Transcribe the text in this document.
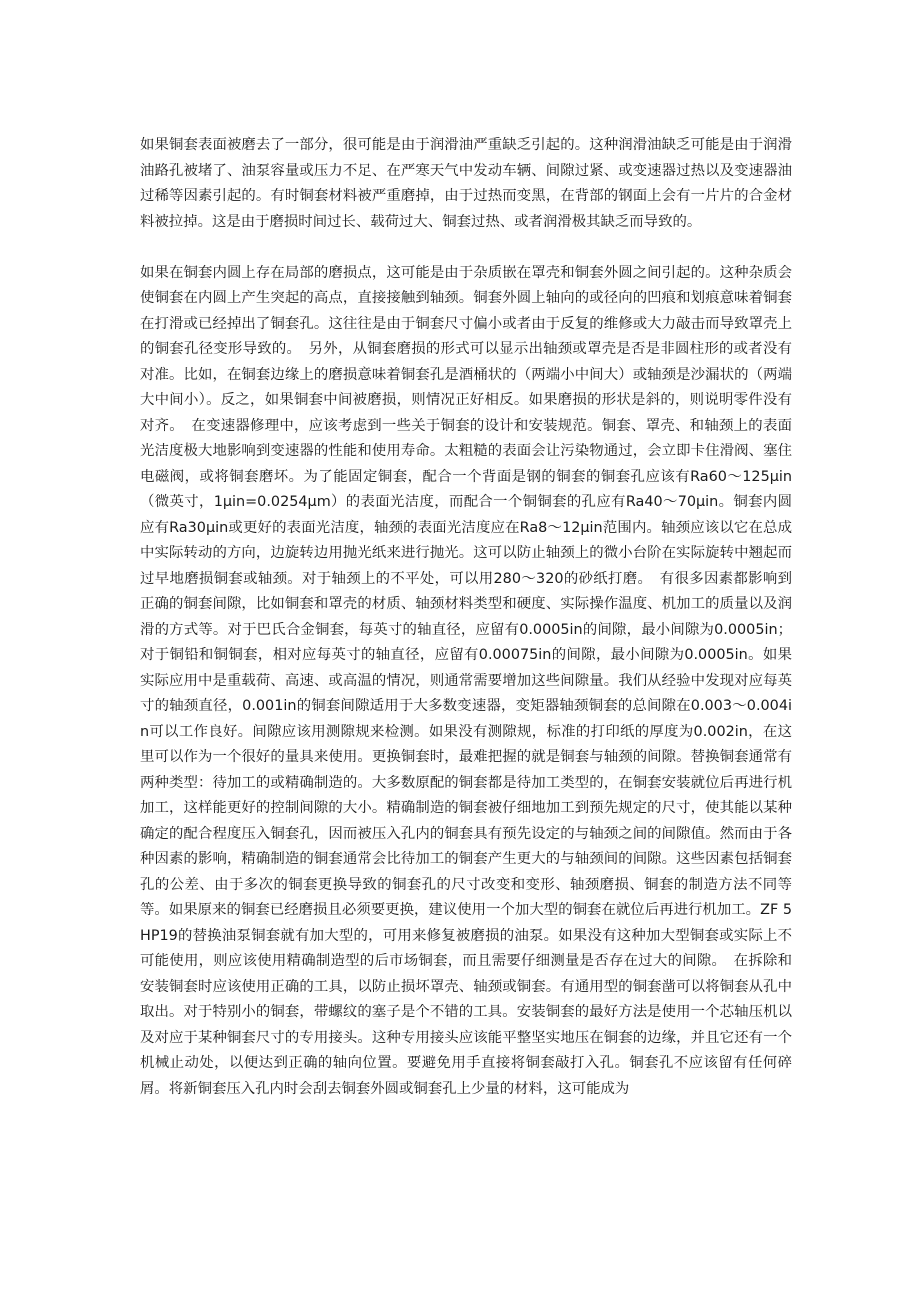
如果铜套表面被磨去了一部分，很可能是由于润滑油严重缺乏引起的。这种润滑油缺乏可能是由于润滑油路孔被堵了、油泵容量或压力不足、在严寒天气中发动车辆、间隙过紧、或变速器过热以及变速器油过稀等因素引起的。有时铜套材料被严重磨掉，由于过热而变黑，在背部的钢面上会有一片片的合金材料被拉掉。这是由于磨损时间过长、载荷过大、铜套过热、或者润滑极其缺乏而导致的。

如果在铜套内圆上存在局部的磨损点，这可能是由于杂质嵌在罩壳和铜套外圆之间引起的。这种杂质会使铜套在内圆上产生突起的高点，直接接触到轴颈。铜套外圆上轴向的或径向的凹痕和划痕意味着铜套在打滑或已经掉出了铜套孔。这往往是由于铜套尺寸偏小或者由于反复的维修或大力敲击而导致罩壳上的铜套孔径变形导致的。　另外，从铜套磨损的形式可以显示出轴颈或罩壳是否是非圆柱形的或者没有对准。比如，在铜套边缘上的磨损意味着铜套孔是酒桶状的（两端小中间大）或轴颈是沙漏状的（两端大中间小）。反之，如果铜套中间被磨损，则情况正好相反。如果磨损的形状是斜的，则说明零件没有对齐。　在变速器修理中，应该考虑到一些关于铜套的设计和安装规范。铜套、罩壳、和轴颈上的表面光洁度极大地影响到变速器的性能和使用寿命。太粗糙的表面会让污染物通过，会立即卡住滑阀、塞住电磁阀，或将铜套磨坏。为了能固定铜套，配合一个背面是钢的铜套的铜套孔应该有Ra60～125μin（微英寸，1μin=0.0254μm）的表面光洁度，而配合一个铜铜套的孔应有Ra40～70μin。铜套内圆应有Ra30μin或更好的表面光洁度，轴颈的表面光洁度应在Ra8～12μin范围内。轴颈应该以它在总成中实际转动的方向，边旋转边用抛光纸来进行抛光。这可以防止轴颈上的微小台阶在实际旋转中翘起而过早地磨损铜套或轴颈。对于轴颈上的不平处，可以用280～320的砂纸打磨。　有很多因素都影响到正确的铜套间隙，比如铜套和罩壳的材质、轴颈材料类型和硬度、实际操作温度、机加工的质量以及润滑的方式等。对于巴氏合金铜套，每英寸的轴直径，应留有0.0005in的间隙，最小间隙为0.0005in；对于铜铅和铜铜套，相对应每英寸的轴直径，应留有0.00075in的间隙，最小间隙为0.0005in。如果实际应用中是重载荷、高速、或高温的情况，则通常需要增加这些间隙量。我们从经验中发现对应每英寸的轴颈直径，0.001in的铜套间隙适用于大多数变速器，变矩器轴颈铜套的总间隙在0.003～0.004in可以工作良好。间隙应该用测隙规来检测。如果没有测隙规，标准的打印纸的厚度为0.002in，在这里可以作为一个很好的量具来使用。更换铜套时，最难把握的就是铜套与轴颈的间隙。替换铜套通常有两种类型：待加工的或精确制造的。大多数原配的铜套都是待加工类型的，在铜套安装就位后再进行机加工，这样能更好的控制间隙的大小。精确制造的铜套被仔细地加工到预先规定的尺寸，使其能以某种确定的配合程度压入铜套孔，因而被压入孔内的铜套具有预先设定的与轴颈之间的间隙值。然而由于各种因素的影响，精确制造的铜套通常会比待加工的铜套产生更大的与轴颈间的间隙。这些因素包括铜套孔的公差、由于多次的铜套更换导致的铜套孔的尺寸改变和变形、轴颈磨损、铜套的制造方法不同等等。如果原来的铜套已经磨损且必须要更换，建议使用一个加大型的铜套在就位后再进行机加工。ZF 5HP19的替换油泵铜套就有加大型的，可用来修复被磨损的油泵。如果没有这种加大型铜套或实际上不可能使用，则应该使用精确制造型的后市场铜套，而且需要仔细测量是否存在过大的间隙。　在拆除和安装铜套时应该使用正确的工具，以防止损坏罩壳、轴颈或铜套。有通用型的铜套凿可以将铜套从孔中取出。对于特别小的铜套，带螺纹的塞子是个不错的工具。安装铜套的最好方法是使用一个芯轴压机以及对应于某种铜套尺寸的专用接头。这种专用接头应该能平整坚实地压在铜套的边缘，并且它还有一个机械止动处，以便达到正确的轴向位置。要避免用手直接将铜套敲打入孔。铜套孔不应该留有任何碎屑。将新铜套压入孔内时会刮去铜套外圆或铜套孔上少量的材料，这可能成为
